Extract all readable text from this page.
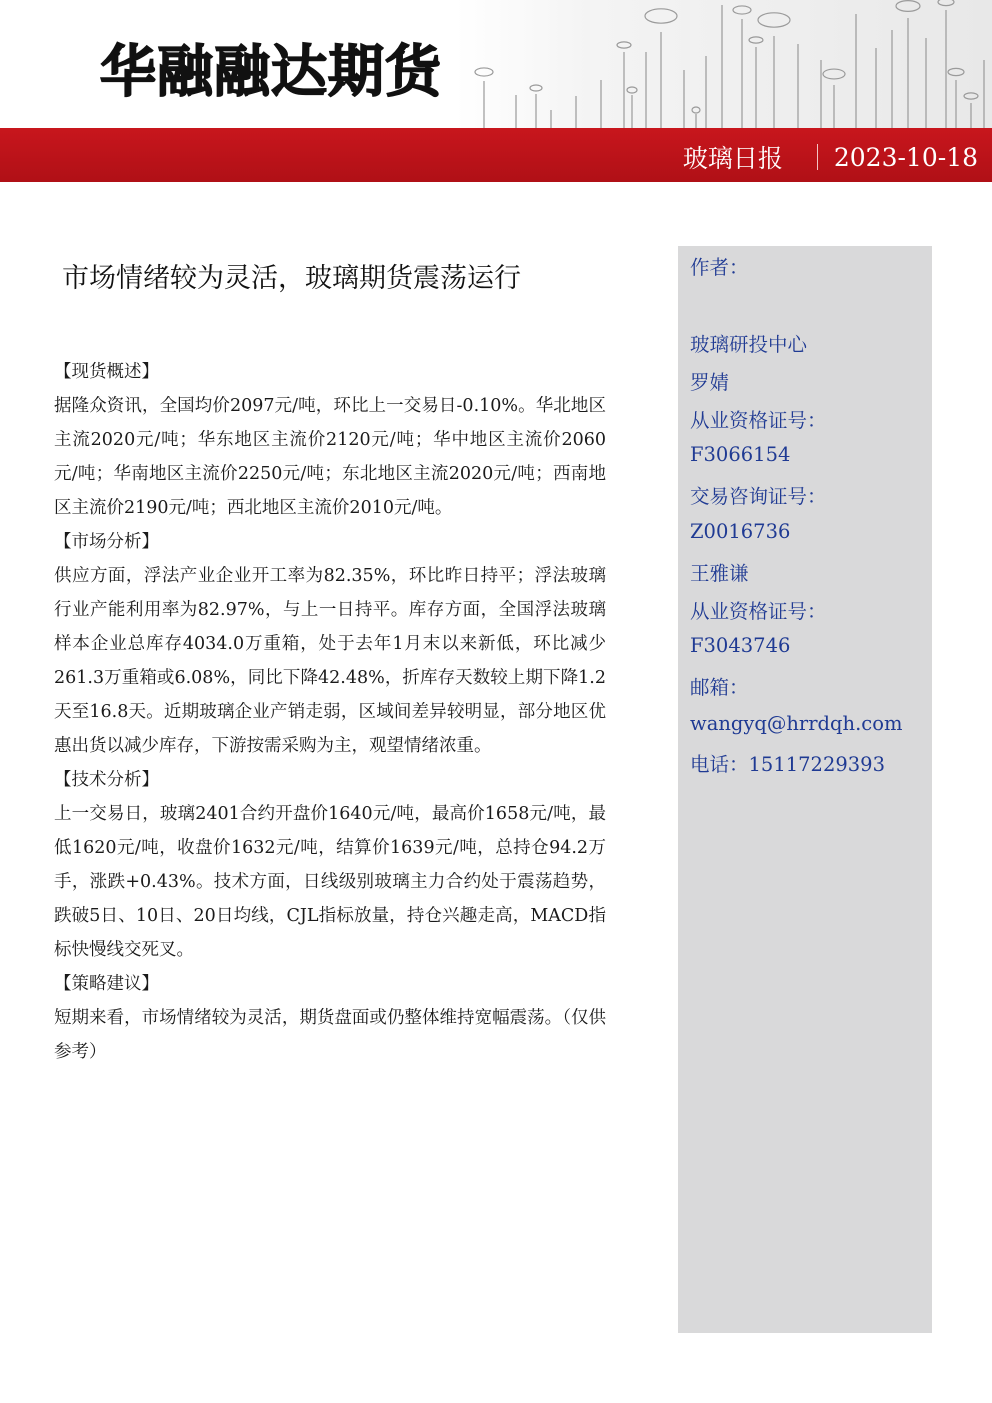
华融融达期货
玻璃日报 2023-10-18
市场情绪较为灵活，玻璃期货震荡运行

【现货概述】

据隆众资讯，全国均价2097元/吨，环比上一交易日-0.10%。华北地区主流2020元/吨；华东地区主流价2120元/吨；华中地区主流价2060元/吨；华南地区主流价2250元/吨；东北地区主流2020元/吨；西南地区主流价2190元/吨；西北地区主流价2010元/吨。

【市场分析】

供应方面，浮法产业企业开工率为82.35%，环比昨日持平；浮法玻璃行业产能利用率为82.97%，与上一日持平。库存方面，全国浮法玻璃样本企业总库存4034.0万重箱，处于去年1月末以来新低，环比减少261.3万重箱或6.08%，同比下降42.48%，折库存天数较上期下降1.2天至16.8天。近期玻璃企业产销走弱，区域间差异较明显，部分地区优惠出货以减少库存，下游按需采购为主，观望情绪浓重。

【技术分析】

上一交易日，玻璃2401合约开盘价1640元/吨，最高价1658元/吨，最低1620元/吨，收盘价1632元/吨，结算价1639元/吨，总持仓94.2万手，涨跌+0.43%。技术方面，日线级别玻璃主力合约处于震荡趋势，跌破5日、10日、20日均线，CJL指标放量，持仓兴趣走高，MACD指标快慢线交死叉。

【策略建议】

短期来看，市场情绪较为灵活，期货盘面或仍整体维持宽幅震荡。（仅供参考）

作者：
玻璃研投中心
罗婧
从业资格证号：
F3066154
交易咨询证号：
Z0016736
王雅谦
从业资格证号：
F3043746
邮箱：
wangyq@hrrdqh.com
电话：15117229393
